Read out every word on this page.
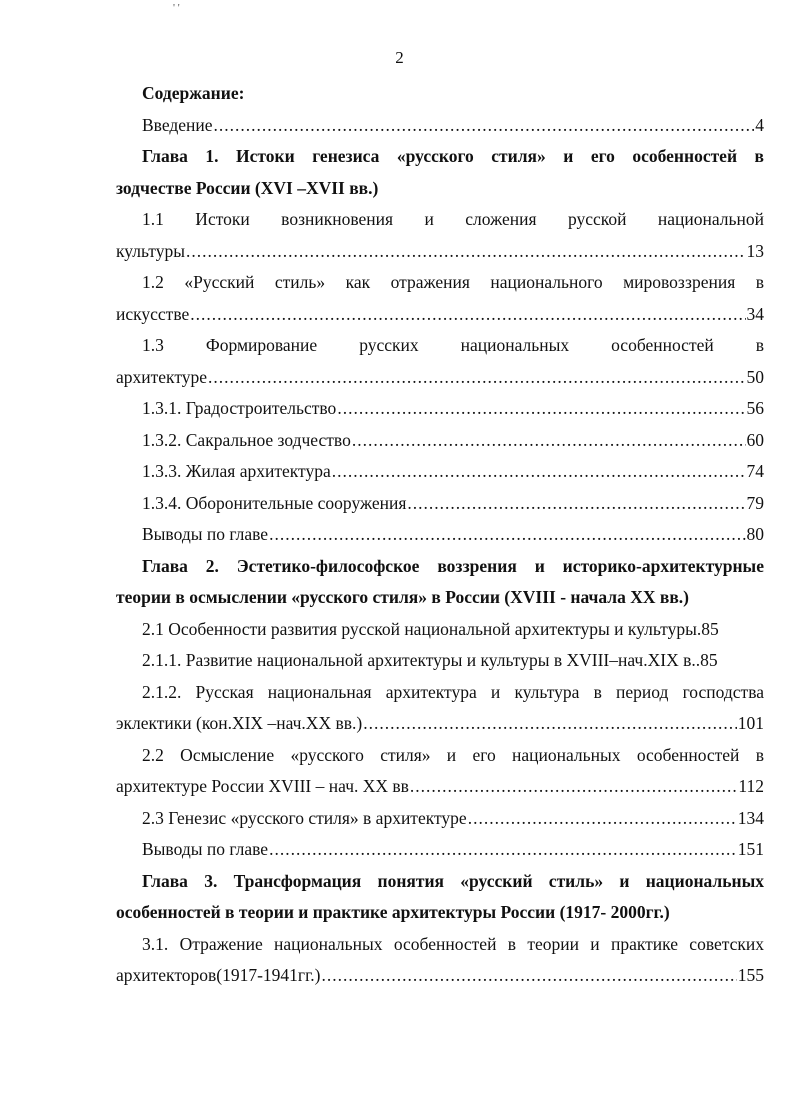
' '
2
Содержание:
Введение .....	4
Глава 1. Истоки генезиса «русского стиля» и его особенностей в
зодчестве России (XVI –XVII вв.)
1.1 Истоки возникновения и сложения русской национальной
культуры .....	13
1.2 «Русский стиль» как отражения национального мировоззрения в
искусстве .....	34
1.3 Формирование русских национальных особенностей в
архитектуре .....	50
1.3.1. Градостроительство .....	56
1.3.2. Сакральное зодчество .....	60
1.3.3. Жилая архитектура .....	74
1.3.4. Оборонительные сооружения .....	79
Выводы по главе .....	80
Глава 2. Эстетико-философское воззрения и историко-архитектурные
теории в осмыслении «русского стиля» в России (XVIII - начала XX вв.)
2.1 Особенности развития русской национальной архитектуры и культуры. 85
2.1.1. Развитие национальной архитектуры и культуры в XVIII–нач.XIX в.. 85
2.1.2. Русская национальная архитектура и культура в период господства
эклектики (кон.XIX –нач.XX вв.) .....	101
2.2 Осмысление «русского стиля» и его национальных особенностей в
архитектуре России XVIII – нач. XX вв .....	112
2.3 Генезис «русского стиля» в архитектуре .....	134
Выводы по главе .....	151
Глава 3. Трансформация понятия «русский стиль» и национальных
особенностей в теории и практике архитектуры России (1917- 2000гг.)
3.1. Отражение национальных особенностей в теории и практике советских
архитекторов(1917-1941гг.) .....	155
